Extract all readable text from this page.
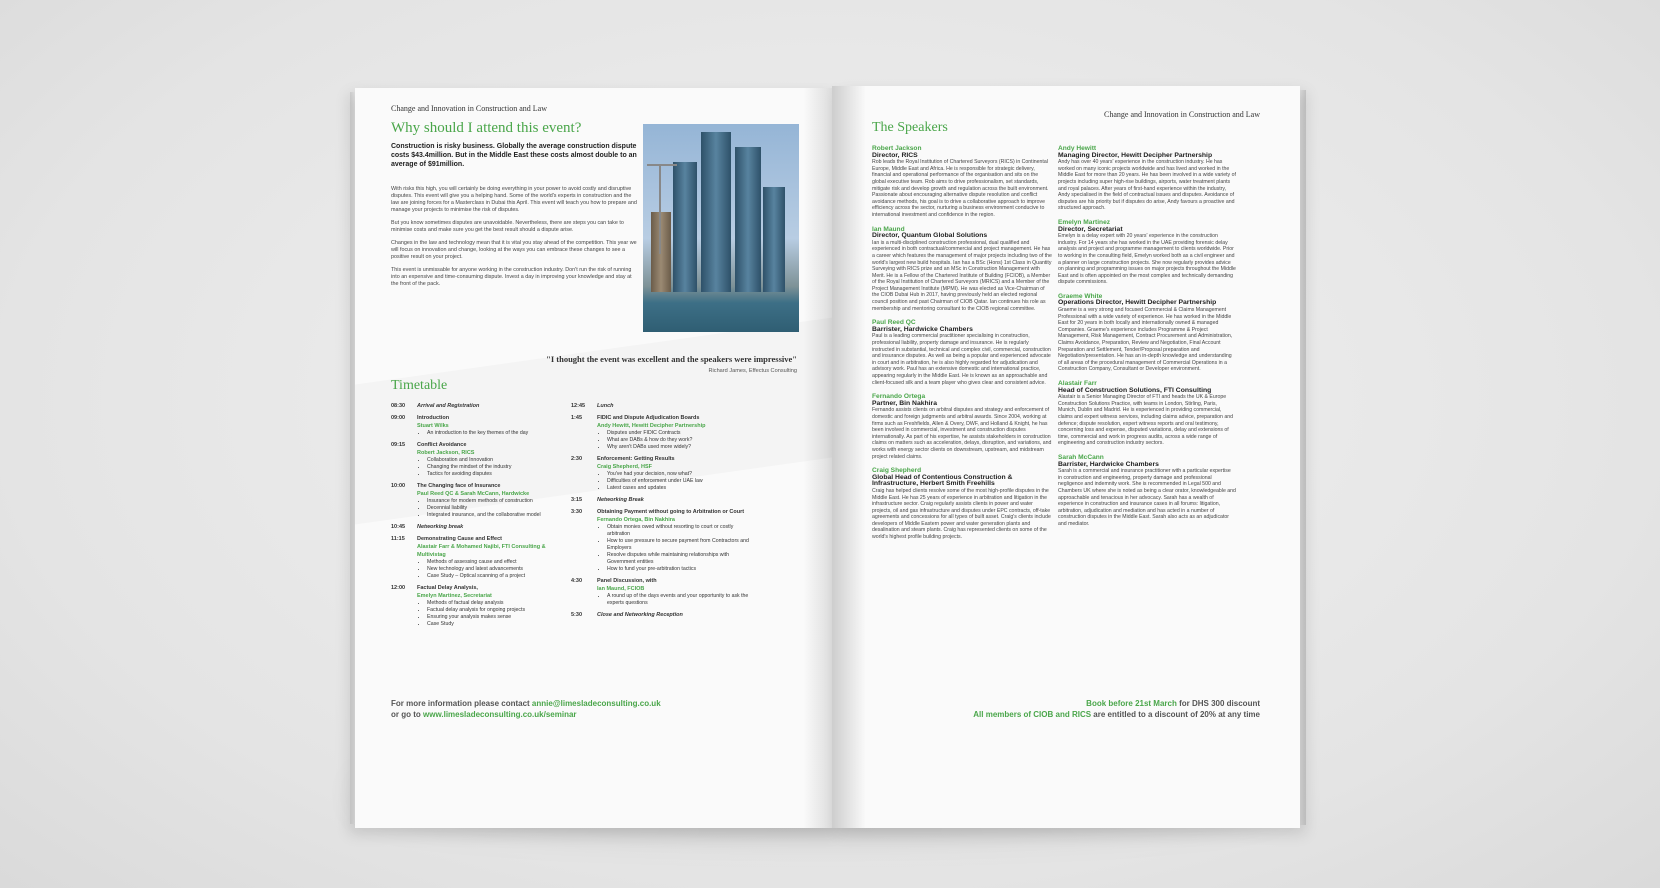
Change and Innovation in Construction and Law
Why should I attend this event?
Construction is risky business. Globally the average construction dispute costs $43.4million. But in the Middle East these costs almost double to an average of $91million.

With risks this high, you will certainly be doing everything in your power to avoid costly and disruptive disputes. This event will give you a helping hand. Some of the world's experts in construction and the law are joining forces for a Masterclass in Dubai this April. This event will teach you how to prepare and manage your projects to minimise the risk of disputes.

But you know sometimes disputes are unavoidable. Nevertheless, there are steps you can take to minimise costs and make sure you get the best result should a dispute arise.

Changes in the law and technology mean that it is vital you stay ahead of the competition. This year we will focus on innovation and change, looking at the ways you can embrace these changes to see a positive result on your project.

This event is unmissable for anyone working in the construction industry. Don't run the risk of running into an expensive and time-consuming dispute. Invest a day in improving your knowledge and stay at the front of the pack.

"I thought the event was excellent and the speakers were impressive"
Richard James, Effectus Consulting
Timetable
08:30	Arrival and Registration
09:00	Introduction
Stuart Wilks
• An introduction to the key themes of the day
09:15	Conflict Avoidance
Robert Jackson, RICS
• Collaboration and Innovation
• Changing the mindset of the industry
• Tactics for avoiding disputes
10:00	The Changing face of Insurance
Paul Reed QC & Sarah McCann, Hardwicke
• Insurance for modern methods of construction
• Decennial liability
• Integrated insurance, and the collaborative model
10:45	Networking break
11:15	Demonstrating Cause and Effect
Alastair Farr & Mohamed Najibi, FTI Consulting & Multivistag
• Methods of assessing cause and effect
• New technology and latest advancements
• Case Study – Optical scanning of a project
12:00	Factual Delay Analysis,
Emelyn Martinez, Secretariat
• Methods of factual delay analysis
• Factual delay analysis for ongoing projects
• Ensuring your analysis makes sense
• Case Study
12:45	Lunch
1:45	FIDIC and Dispute Adjudication Boards
Andy Hewitt, Hewitt Decipher Partnership
• Disputes under FIDIC Contracts
• What are DABs & how do they work?
• Why aren't DABs used more widely?
2:30	Enforcement: Getting Results
Craig Shepherd, HSF
• You've had your decision, now what?
• Difficulties of enforcement under UAE law
• Latest cases and updates
3:15	Networking Break
3:30	Obtaining Payment without going to Arbitration or Court
Fernando Ortega, Bin Nakhira
• Obtain monies owed without resorting to court or costly arbitration
• How to use pressure to secure payment from Contractors and Employers
• Resolve disputes while maintaining relationships with Government entities
• How to fund your pre-arbitration tactics
4:30	Panel Discussion, with
Ian Maund, FCIOB
• A round up of the days events and your opportunity to ask the experts questions
5:30	Close and Networking Reception
For more information please contact annie@limesladeconsulting.co.uk
or go to www.limesladeconsulting.co.uk/seminar
Change and Innovation in Construction and Law
The Speakers
Robert Jackson
Director, RICS
Rob leads the Royal Institution of Chartered Surveyors (RICS) in Continental Europe, Middle East and Africa. He is responsible for strategic delivery, financial and operational performance of the organisation and sits on the global executive team. Rob aims to drive professionalism, set standards, mitigate risk and develop growth and regulation across the built environment. Passionate about encouraging alternative dispute resolution and conflict avoidance methods, his goal is to drive a collaborative approach to improve efficiency across the sector, nurturing a business environment conducive to international investment and confidence in the region.
Ian Maund
Director, Quantum Global Solutions
Ian is a multi-disciplined construction professional, dual qualified and experienced in both contractual/commercial and project management. He has a career which features the management of major projects including two of the world's largest new build hospitals. Ian has a BSc (Hons) 1st Class in Quantity Surveying with RICS prize and an MSc in Construction Management with Merit. He is a Fellow of the Chartered Institute of Building (FCIOB), a Member of the Royal Institution of Chartered Surveyors (MRICS) and a Member of the Project Management Institute (MPMI). He was elected as Vice-Chairman of the CIOB Dubai Hub in 2017, having previously held an elected regional council position and past Chairman of CIOB Qatar. Ian continues his role as membership and mentoring consultant to the CIOB regional committee.
Paul Reed QC
Barrister, Hardwicke Chambers
Paul is a leading commercial practitioner specialising in construction, professional liability, property damage and insurance. He is regularly instructed in substantial, technical and complex civil, commercial, construction and insurance disputes. As well as being a popular and experienced advocate in court and in arbitration, he is also highly regarded for adjudication and advisory work. Paul has an extensive domestic and international practice, appearing regularly in the Middle East. He is known as an approachable and client-focused silk and a team player who gives clear and consistent advice.
Fernando Ortega
Partner, Bin Nakhira
Fernando assists clients on arbitral disputes and strategy and enforcement of domestic and foreign judgments and arbitral awards. Since 2004, working at firms such as Freshfields, Allen & Overy, DWF, and Holland & Knight, he has been involved in commercial, investment and construction disputes internationally. As part of his expertise, he assists stakeholders in construction claims on matters such as acceleration, delays, disruption, and variations, and works with energy sector clients on downstream, upstream, and midstream project related claims.
Craig Shepherd
Global Head of Contentious Construction & Infrastructure, Herbert Smith Freehills
Craig has helped clients resolve some of the most high-profile disputes in the Middle East. He has 25 years of experience in arbitration and litigation in the infrastructure sector. Craig regularly assists clients in power and water projects, oil and gas infrastructure and disputes under EPC contracts, off-take agreements and concessions for all types of built asset. Craig's clients include developers of Middle Eastern power and water generation plants and desalination and steam plants. Craig has represented clients on some of the world's highest profile building projects.
Andy Hewitt
Managing Director, Hewitt Decipher Partnership
Andy has over 40 years' experience in the construction industry. He has worked on many iconic projects worldwide and has lived and worked in the Middle East for more than 20 years. He has been involved in a wide variety of projects including super high-rise buildings, airports, water treatment plants and royal palaces. After years of first-hand experience within the industry, Andy specialised in the field of contractual issues and disputes. Avoidance of disputes are his priority but if disputes do arise, Andy favours a proactive and structured approach.
Emelyn Martinez
Director, Secretariat
Emelyn is a delay expert with 20 years' experience in the construction industry. For 14 years she has worked in the UAE providing forensic delay analysis and project and programme management to clients worldwide. Prior to working in the consulting field, Emelyn worked both as a civil engineer and a planner on large construction projects. She now regularly provides advice on planning and programming issues on major projects throughout the Middle East and is often appointed on the most complex and technically demanding dispute commissions.
Graeme White
Operations Director, Hewitt Decipher Partnership
Graeme is a very strong and focused Commercial & Claims Management Professional with a wide variety of experience. He has worked in the Middle East for 20 years in both locally and internationally owned & managed Companies. Graeme's experience includes Programme & Project Management, Risk Management, Contract Procurement and Administration, Claims Avoidance, Preparation, Review and Negotiation, Final Account Preparation and Settlement, Tender/Proposal preparation and Negotiation/presentation. He has an in-depth knowledge and understanding of all areas of the procedural management of Commercial Operations in a Construction Company, Consultant or Developer environment.
Alastair Farr
Head of Construction Solutions, FTI Consulting
Alastair is a Senior Managing Director of FTI and heads the UK & Europe Construction Solutions Practice, with teams in London, Stirling, Paris, Munich, Dublin and Madrid. He is experienced in providing commercial, claims and expert witness services, including claims advice, preparation and defence; dispute resolution, expert witness reports and oral testimony, concerning loss and expense, disputed variations, delay and extensions of time, commercial and work in progress audits, across a wide range of engineering and construction industry sectors.
Sarah McCann
Barrister, Hardwicke Chambers
Sarah is a commercial and insurance practitioner with a particular expertise in construction and engineering, property damage and professional negligence and indemnity work. She is recommended in Legal 500 and Chambers UK where she is noted as being a clear orator, knowledgeable and approachable and tenacious in her advocacy. Sarah has a wealth of experience in construction and insurance cases in all forums: litigation, arbitration, adjudication and mediation and has acted in a number of construction disputes in the Middle East. Sarah also acts as an adjudicator and mediator.
Book before 21st March for DHS 300 discount
All members of CIOB and RICS are entitled to a discount of 20% at any time
